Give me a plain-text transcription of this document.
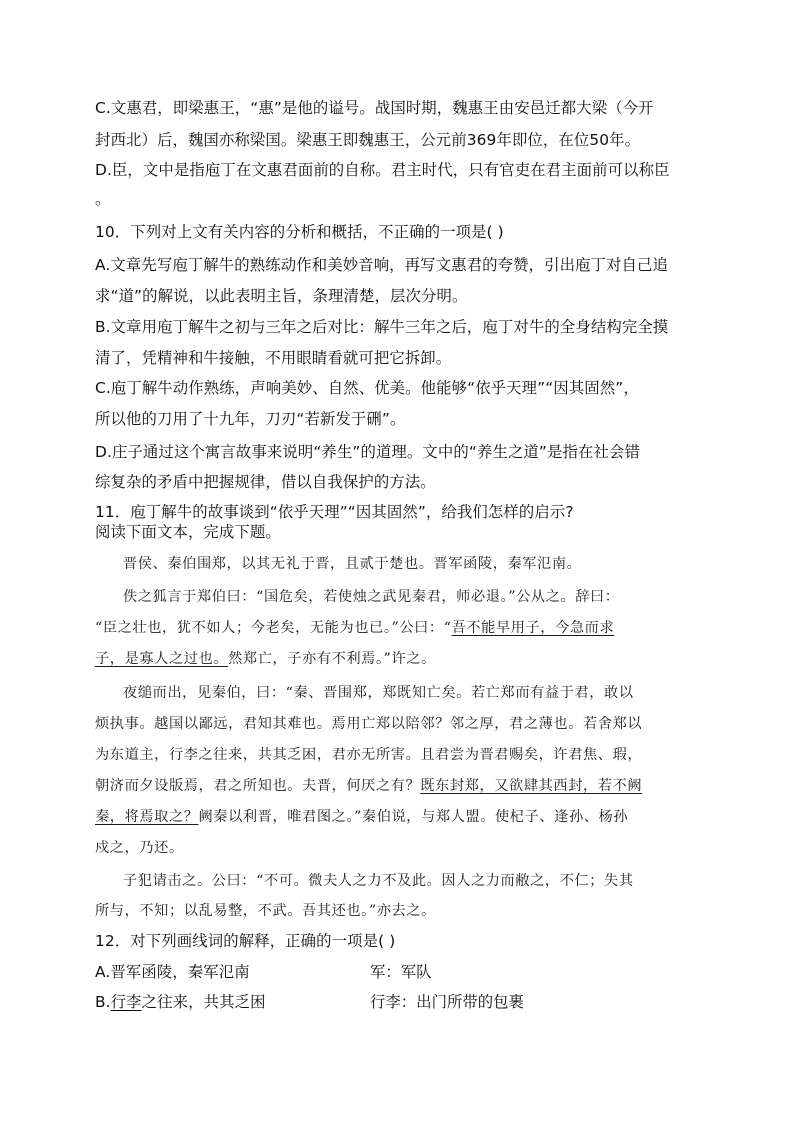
C.文惠君，即梁惠王，“惠”是他的谥号。战国时期，魏惠王由安邑迁都大梁（今开
封西北）后，魏国亦称梁国。梁惠王即魏惠王，公元前369年即位，在位50年。
D.臣，文中是指庖丁在文惠君面前的自称。君主时代，只有官吏在君主面前可以称臣
。
10．下列对上文有关内容的分析和概括，不正确的一项是( )
A.文章先写庖丁解牛的熟练动作和美妙音响，再写文惠君的夸赞，引出庖丁对自己追
求“道”的解说，以此表明主旨，条理清楚，层次分明。
B.文章用庖丁解牛之初与三年之后对比：解牛三年之后，庖丁对牛的全身结构完全摸
清了，凭精神和牛接触，不用眼睛看就可把它拆卸。
C.庖丁解牛动作熟练，声响美妙、自然、优美。他能够“依乎天理”“因其固然”，
所以他的刀用了十九年，刀刃“若新发于硎”。
D.庄子通过这个寓言故事来说明“养生”的道理。文中的“养生之道”是指在社会错
综复杂的矛盾中把握规律，借以自我保护的方法。
11．庖丁解牛的故事谈到“依乎天理”“因其固然”，给我们怎样的启示?
阅读下面文本，完成下题。
晋侯、秦伯围郑，以其无礼于晋，且贰于楚也。晋军函陵，秦军氾南。
佚之狐言于郑伯曰：“国危矣，若使烛之武见秦君，师必退。”公从之。辞曰：
“臣之壮也，犹不如人；今老矣，无能为也已。”公曰：“吾不能早用子，今急而求
子，是寡人之过也。然郑亡，子亦有不利焉。”许之。
夜缒而出，见秦伯，曰：“秦、晋围郑，郑既知亡矣。若亡郑而有益于君，敢以
烦执事。越国以鄙远，君知其难也。焉用亡郑以陪邻？邻之厚，君之薄也。若舍郑以
为东道主，行李之往来，共其乏困，君亦无所害。且君尝为晋君赐矣，许君焦、瑕，
朝济而夕设版焉，君之所知也。夫晋，何厌之有？既东封郑，又欲肆其西封，若不阙
秦，将焉取之？阙秦以利晋，唯君图之。”秦伯说，与郑人盟。使杞子、逢孙、杨孙
戍之，乃还。
子犯请击之。公曰：“不可。微夫人之力不及此。因人之力而敝之，不仁；失其
所与，不知；以乱易整，不武。吾其还也。”亦去之。
12．对下列画线词的解释，正确的一项是( )
A.晋军函陵，秦军氾南	军：军队
B.行李之往来，共其乏困	行李：出门所带的包裹
